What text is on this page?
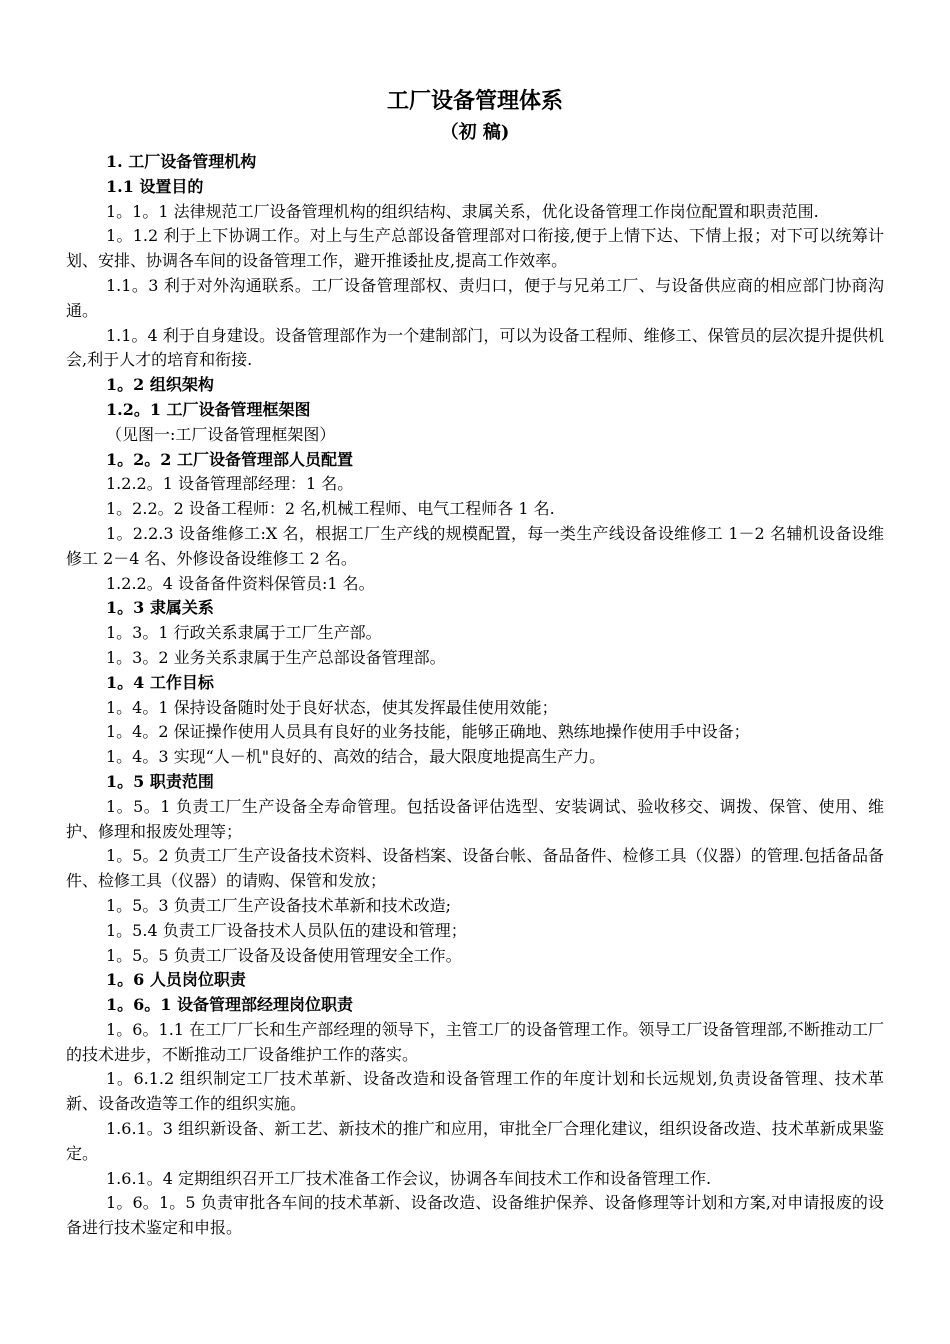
工厂设备管理体系
（初 稿)
1. 工厂设备管理机构
1.1 设置目的
1。1。1 法律规范工厂设备管理机构的组织结构、隶属关系，优化设备管理工作岗位配置和职责范围.
1。1.2 利于上下协调工作。对上与生产总部设备管理部对口衔接,便于上情下达、下情上报；对下可以统筹计划、安排、协调各车间的设备管理工作，避开推诿扯皮,提高工作效率。
1.1。3 利于对外沟通联系。工厂设备管理部权、责归口，便于与兄弟工厂、与设备供应商的相应部门协商沟通。
1.1。4 利于自身建设。设备管理部作为一个建制部门，可以为设备工程师、维修工、保管员的层次提升提供机会,利于人才的培育和衔接.
1。2 组织架构
1.2。1 工厂设备管理框架图
（见图一:工厂设备管理框架图）
1。2。2 工厂设备管理部人员配置
1.2.2。1 设备管理部经理：1 名。
1。2.2。2 设备工程师：2 名,机械工程师、电气工程师各 1 名.
1。2.2.3 设备维修工:X 名，根据工厂生产线的规模配置，每一类生产线设备设维修工 1－2 名辅机设备设维修工 2－4 名、外修设备设维修工 2 名。
1.2.2。4 设备备件资料保管员:1 名。
1。3 隶属关系
1。3。1 行政关系隶属于工厂生产部。
1。3。2 业务关系隶属于生产总部设备管理部。
1。4 工作目标
1。4。1 保持设备随时处于良好状态，使其发挥最佳使用效能；
1。4。2 保证操作使用人员具有良好的业务技能，能够正确地、熟练地操作使用手中设备；
1。4。3 实现“人－机"良好的、高效的结合，最大限度地提高生产力。
1。5 职责范围
1。5。1 负责工厂生产设备全寿命管理。包括设备评估选型、安装调试、验收移交、调拨、保管、使用、维护、修理和报废处理等；
1。5。2 负责工厂生产设备技术资料、设备档案、设备台帐、备品备件、检修工具（仪器）的管理.包括备品备件、检修工具（仪器）的请购、保管和发放；
1。5。3 负责工厂生产设备技术革新和技术改造;
1。5.4 负责工厂设备技术人员队伍的建设和管理；
1。5。5 负责工厂设备及设备使用管理安全工作。
1。6 人员岗位职责
1。6。1 设备管理部经理岗位职责
1。6。1.1 在工厂厂长和生产部经理的领导下，主管工厂的设备管理工作。领导工厂设备管理部,不断推动工厂的技术进步，不断推动工厂设备维护工作的落实。
1。6.1.2 组织制定工厂技术革新、设备改造和设备管理工作的年度计划和长远规划,负责设备管理、技术革新、设备改造等工作的组织实施。
1.6.1。3 组织新设备、新工艺、新技术的推广和应用，审批全厂合理化建议，组织设备改造、技术革新成果鉴定。
1.6.1。4 定期组织召开工厂技术准备工作会议，协调各车间技术工作和设备管理工作.
1。6。1。5 负责审批各车间的技术革新、设备改造、设备维护保养、设备修理等计划和方案,对申请报废的设备进行技术鉴定和申报。
